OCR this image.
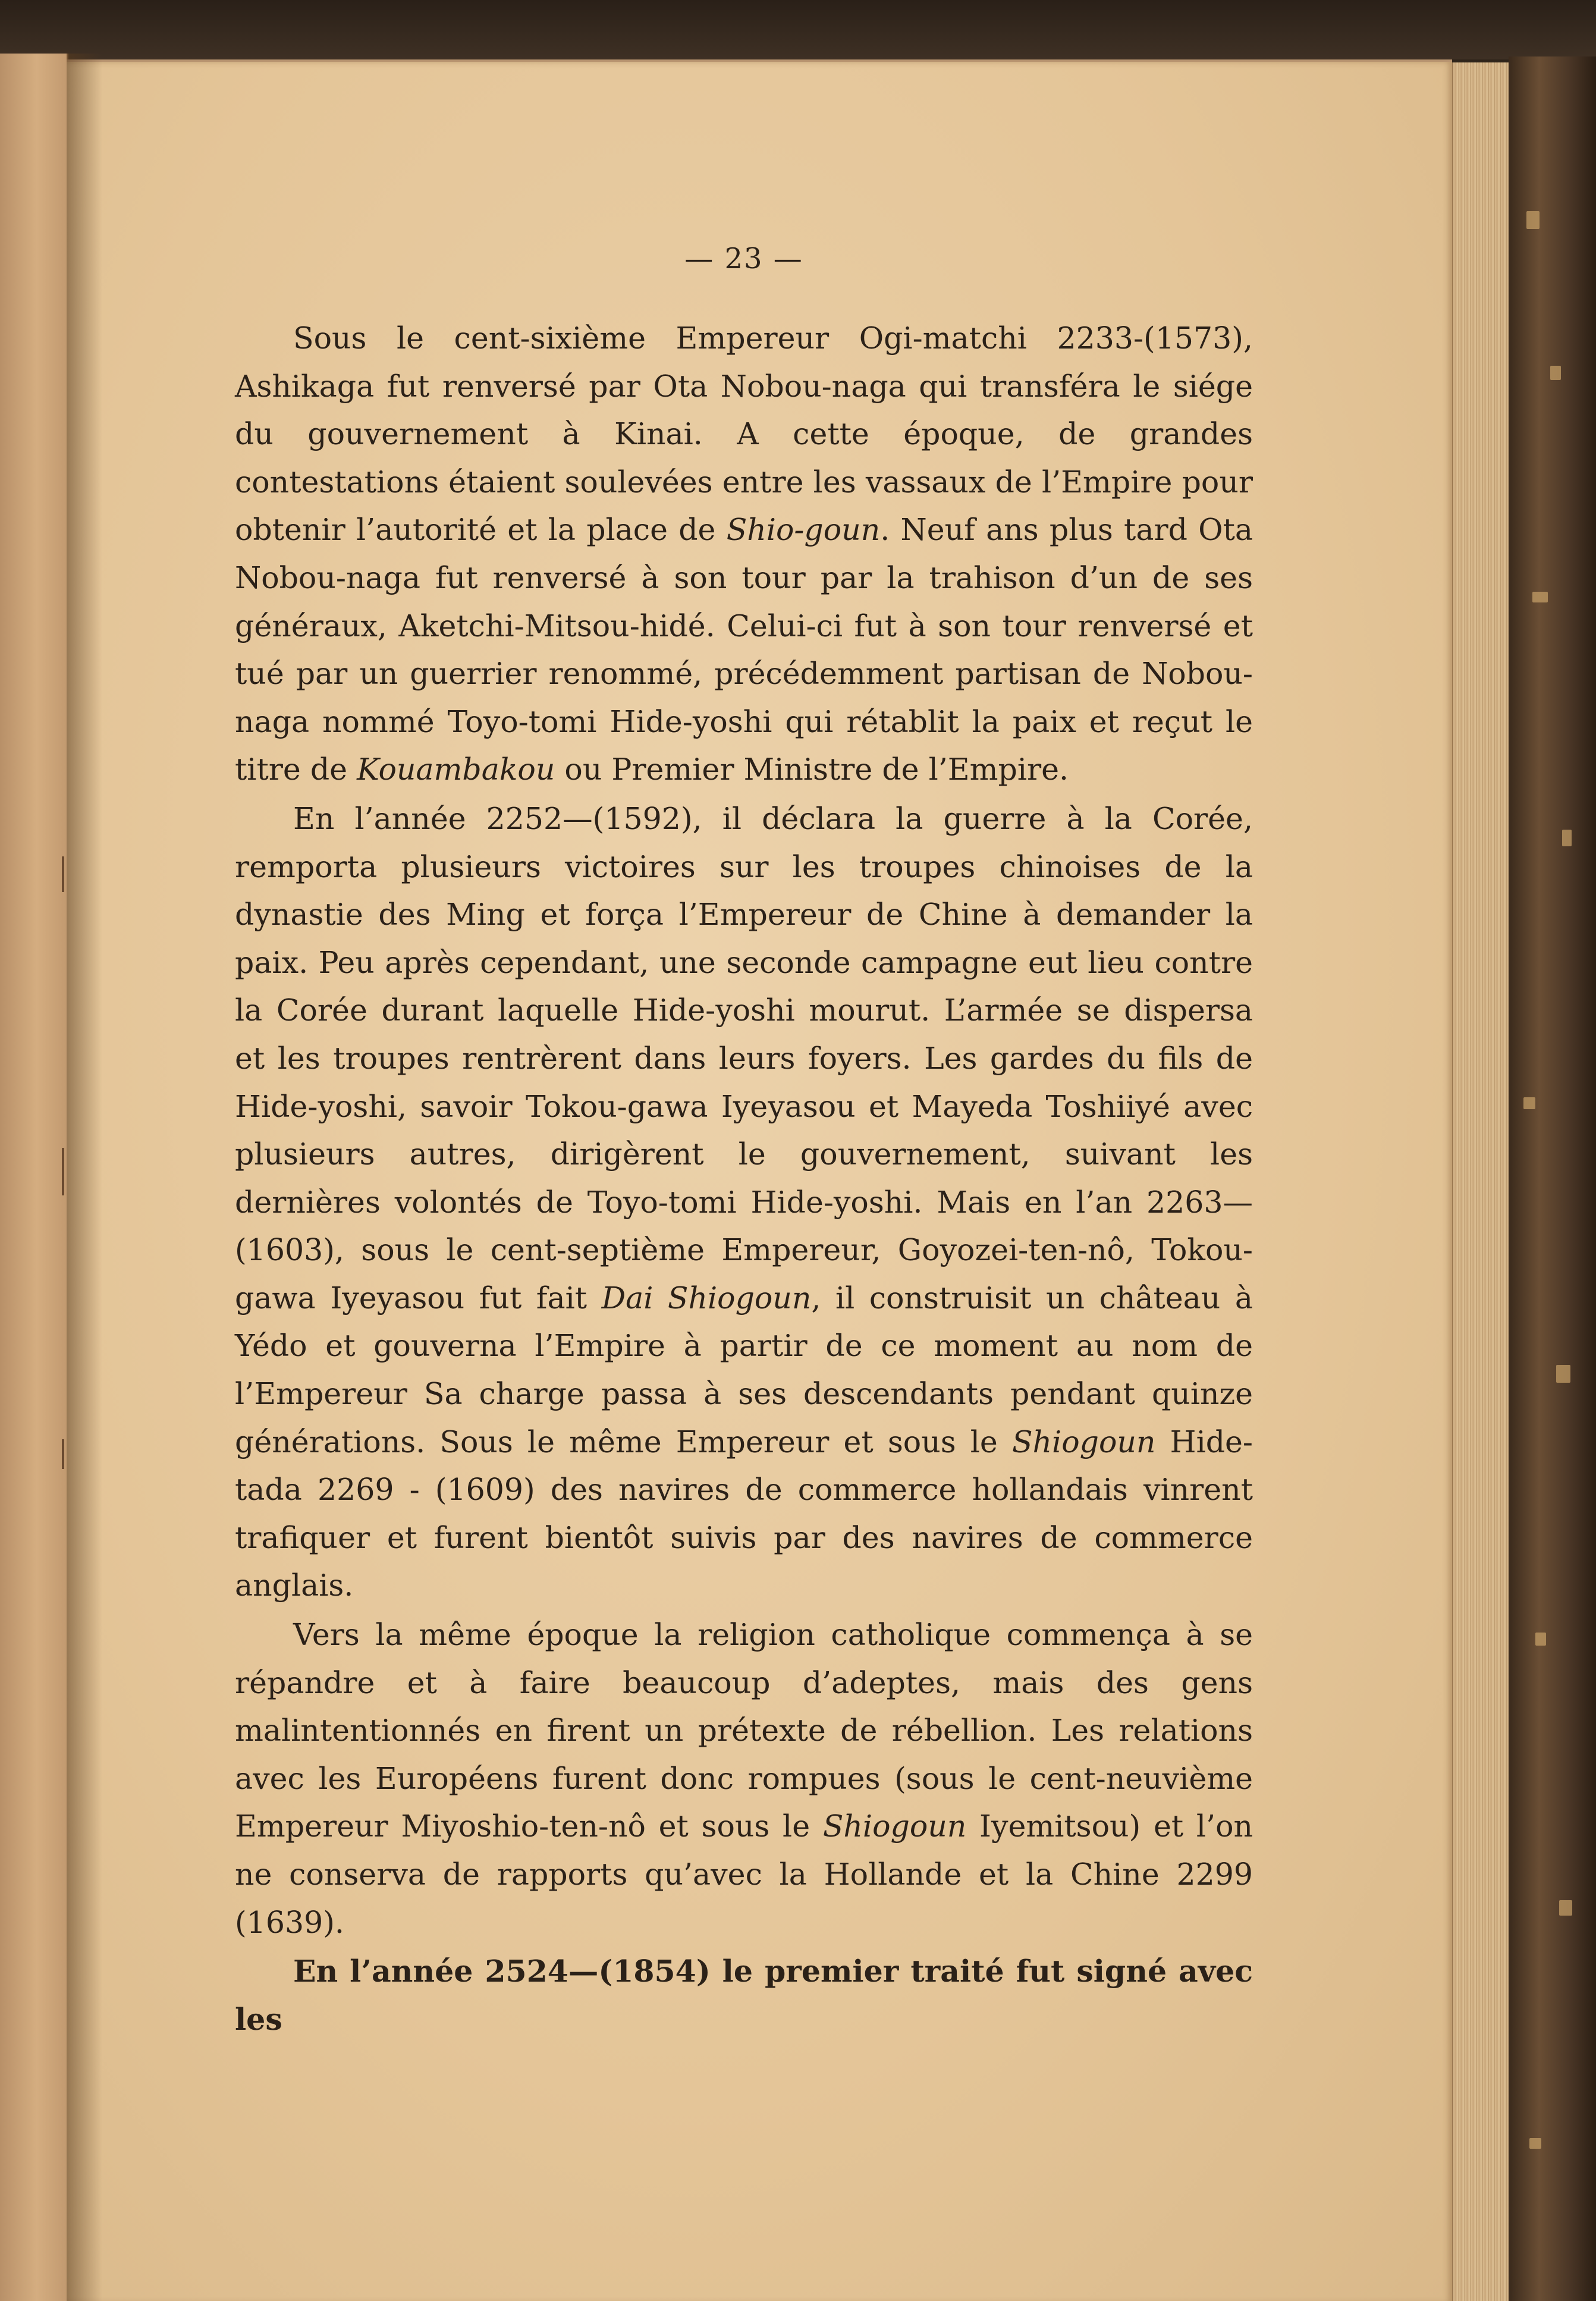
— 23 —

Sous le cent-sixième Empereur Ogi-matchi 2233-(1573), Ashikaga fut renversé par Ota Nobou-naga qui transféra le siége du gouvernement à Kinai. A cette époque, de grandes contestations étaient soulevées entre les vassaux de l’Empire pour obtenir l’autorité et la place de Shio-goun. Neuf ans plus tard Ota Nobou-naga fut renversé à son tour par la trahison d’un de ses généraux, Aketchi-Mitsou-hidé. Celui-ci fut à son tour renversé et tué par un guerrier renommé, précédemment partisan de Nobou-naga nommé Toyo-tomi Hide-yoshi qui rétablit la paix et reçut le titre de Kouambakou ou Premier Ministre de l’Empire.

En l’année 2252—(1592), il déclara la guerre à la Corée, remporta plusieurs victoires sur les troupes chinoises de la dynastie des Ming et força l’Empereur de Chine à demander la paix. Peu après cependant, une seconde campagne eut lieu contre la Corée durant laquelle Hide-yoshi mourut. L’armée se dispersa et les troupes rentrèrent dans leurs foyers. Les gardes du fils de Hide-yoshi, savoir Tokou-gawa Iyeyasou et Mayeda Toshiiyé avec plusieurs autres, dirigèrent le gouvernement, suivant les dernières volontés de Toyo-tomi Hide-yoshi. Mais en l’an 2263—(1603), sous le cent-septième Empereur, Goyozei-ten-nô, Tokou-gawa Iyeyasou fut fait Dai Shiogoun, il construisit un château à Yédo et gouverna l’Empire à partir de ce moment au nom de l’Empereur Sa charge passa à ses descendants pendant quinze générations. Sous le même Empereur et sous le Shiogoun Hide-tada 2269 - (1609) des navires de commerce hollandais vinrent trafiquer et furent bientôt suivis par des navires de commerce anglais.

Vers la même époque la religion catholique commença à se répandre et à faire beaucoup d’adeptes, mais des gens malintentionnés en firent un prétexte de rébellion. Les relations avec les Européens furent donc rompues (sous le cent-neuvième Empereur Miyoshio-ten-nô et sous le Shiogoun Iyemitsou) et l’on ne conserva de rapports qu’avec la Hollande et la Chine 2299 (1639).

En l’année 2524—(1854) le premier traité fut signé avec les
